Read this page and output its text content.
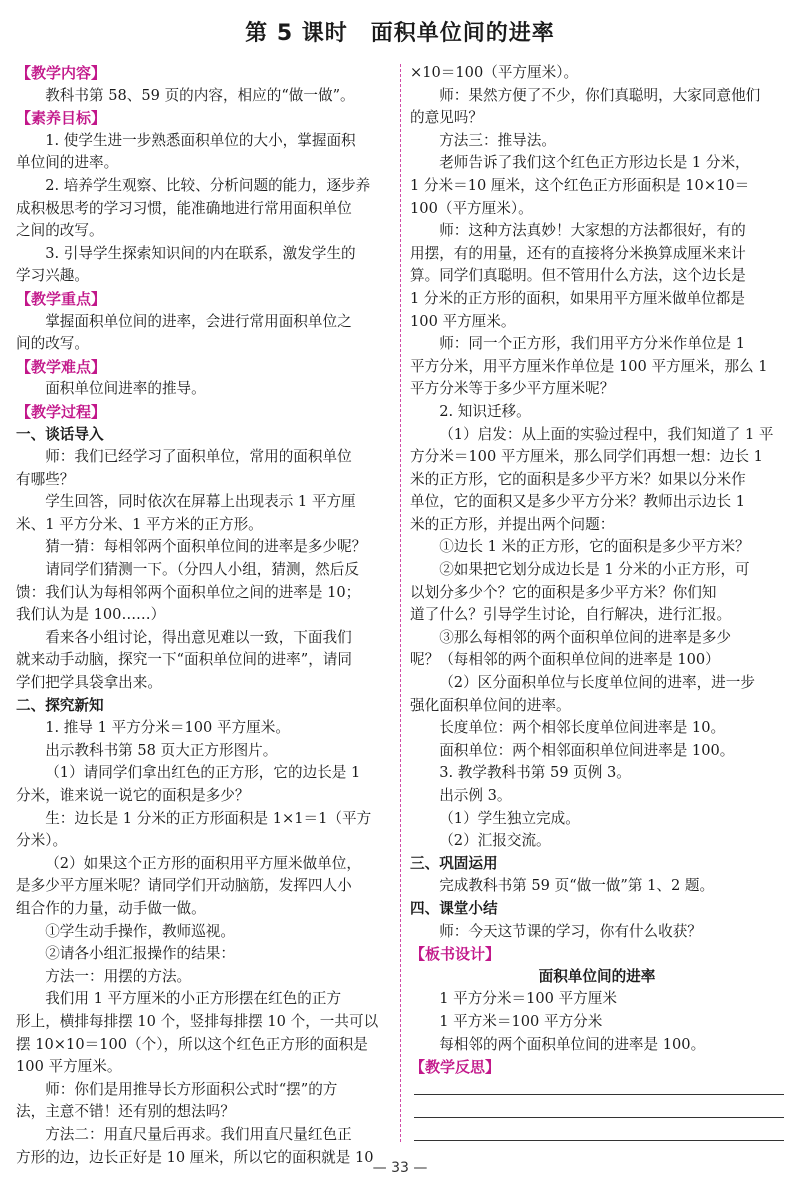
第 5 课时　面积单位间的进率
【教学内容】
教科书第 58、59 页的内容，相应的“做一做”。
【素养目标】
1. 使学生进一步熟悉面积单位的大小，掌握面积
单位间的进率。
2. 培养学生观察、比较、分析问题的能力，逐步养
成积极思考的学习习惯，能准确地进行常用面积单位
之间的改写。
3. 引导学生探索知识间的内在联系，激发学生的
学习兴趣。
【教学重点】
掌握面积单位间的进率，会进行常用面积单位之
间的改写。
【教学难点】
面积单位间进率的推导。
【教学过程】
一、谈话导入
师：我们已经学习了面积单位，常用的面积单位
有哪些？
学生回答，同时依次在屏幕上出现表示 1 平方厘
米、1 平方分米、1 平方米的正方形。
猜一猜：每相邻两个面积单位间的进率是多少呢？
请同学们猜测一下。（分四人小组，猜测，然后反
馈：我们认为每相邻两个面积单位之间的进率是 10；
我们认为是 100……）
看来各小组讨论，得出意见难以一致，下面我们
就来动手动脑，探究一下“面积单位间的进率”，请同
学们把学具袋拿出来。
二、探究新知
1. 推导 1 平方分米＝100 平方厘米。
出示教科书第 58 页大正方形图片。
（1）请同学们拿出红色的正方形，它的边长是 1
分米，谁来说一说它的面积是多少？
生：边长是 1 分米的正方形面积是 1×1＝1（平方
分米）。
（2）如果这个正方形的面积用平方厘米做单位，
是多少平方厘米呢？请同学们开动脑筋，发挥四人小
组合作的力量，动手做一做。
①学生动手操作，教师巡视。
②请各小组汇报操作的结果：
方法一：用摆的方法。
我们用 1 平方厘米的小正方形摆在红色的正方
形上，横排每排摆 10 个，竖排每排摆 10 个，一共可以
摆 10×10＝100（个），所以这个红色正方形的面积是
100 平方厘米。
师：你们是用推导长方形面积公式时“摆”的方
法，主意不错！还有别的想法吗？
方法二：用直尺量后再求。我们用直尺量红色正
方形的边，边长正好是 10 厘米，所以它的面积就是 10
×10＝100（平方厘米）。
师：果然方便了不少，你们真聪明，大家同意他们
的意见吗？
方法三：推导法。
老师告诉了我们这个红色正方形边长是 1 分米，
1 分米＝10 厘米，这个红色正方形面积是 10×10＝
100（平方厘米）。
师：这种方法真妙！大家想的方法都很好，有的
用摆，有的用量，还有的直接将分米换算成厘米来计
算。同学们真聪明。但不管用什么方法，这个边长是
1 分米的正方形的面积，如果用平方厘米做单位都是
100 平方厘米。
师：同一个正方形，我们用平方分米作单位是 1
平方分米，用平方厘米作单位是 100 平方厘米，那么 1
平方分米等于多少平方厘米呢？
2. 知识迁移。
（1）启发：从上面的实验过程中，我们知道了 1 平
方分米＝100 平方厘米，那么同学们再想一想：边长 1
米的正方形，它的面积是多少平方米？如果以分米作
单位，它的面积又是多少平方分米？教师出示边长 1
米的正方形，并提出两个问题：
①边长 1 米的正方形，它的面积是多少平方米？
②如果把它划分成边长是 1 分米的小正方形，可
以划分多少个？它的面积是多少平方米？你们知
道了什么？引导学生讨论，自行解决，进行汇报。
③那么每相邻的两个面积单位间的进率是多少
呢？（每相邻的两个面积单位间的进率是 100）
（2）区分面积单位与长度单位间的进率，进一步
强化面积单位间的进率。
长度单位：两个相邻长度单位间进率是 10。
面积单位：两个相邻面积单位间进率是 100。
3. 教学教科书第 59 页例 3。
出示例 3。
（1）学生独立完成。
（2）汇报交流。
三、巩固运用
完成教科书第 59 页“做一做”第 1、2 题。
四、课堂小结
师：今天这节课的学习，你有什么收获？
【板书设计】
面积单位间的进率
1 平方分米＝100 平方厘米
1 平方米＝100 平方分米
每相邻的两个面积单位间的进率是 100。
【教学反思】
— 33 —
